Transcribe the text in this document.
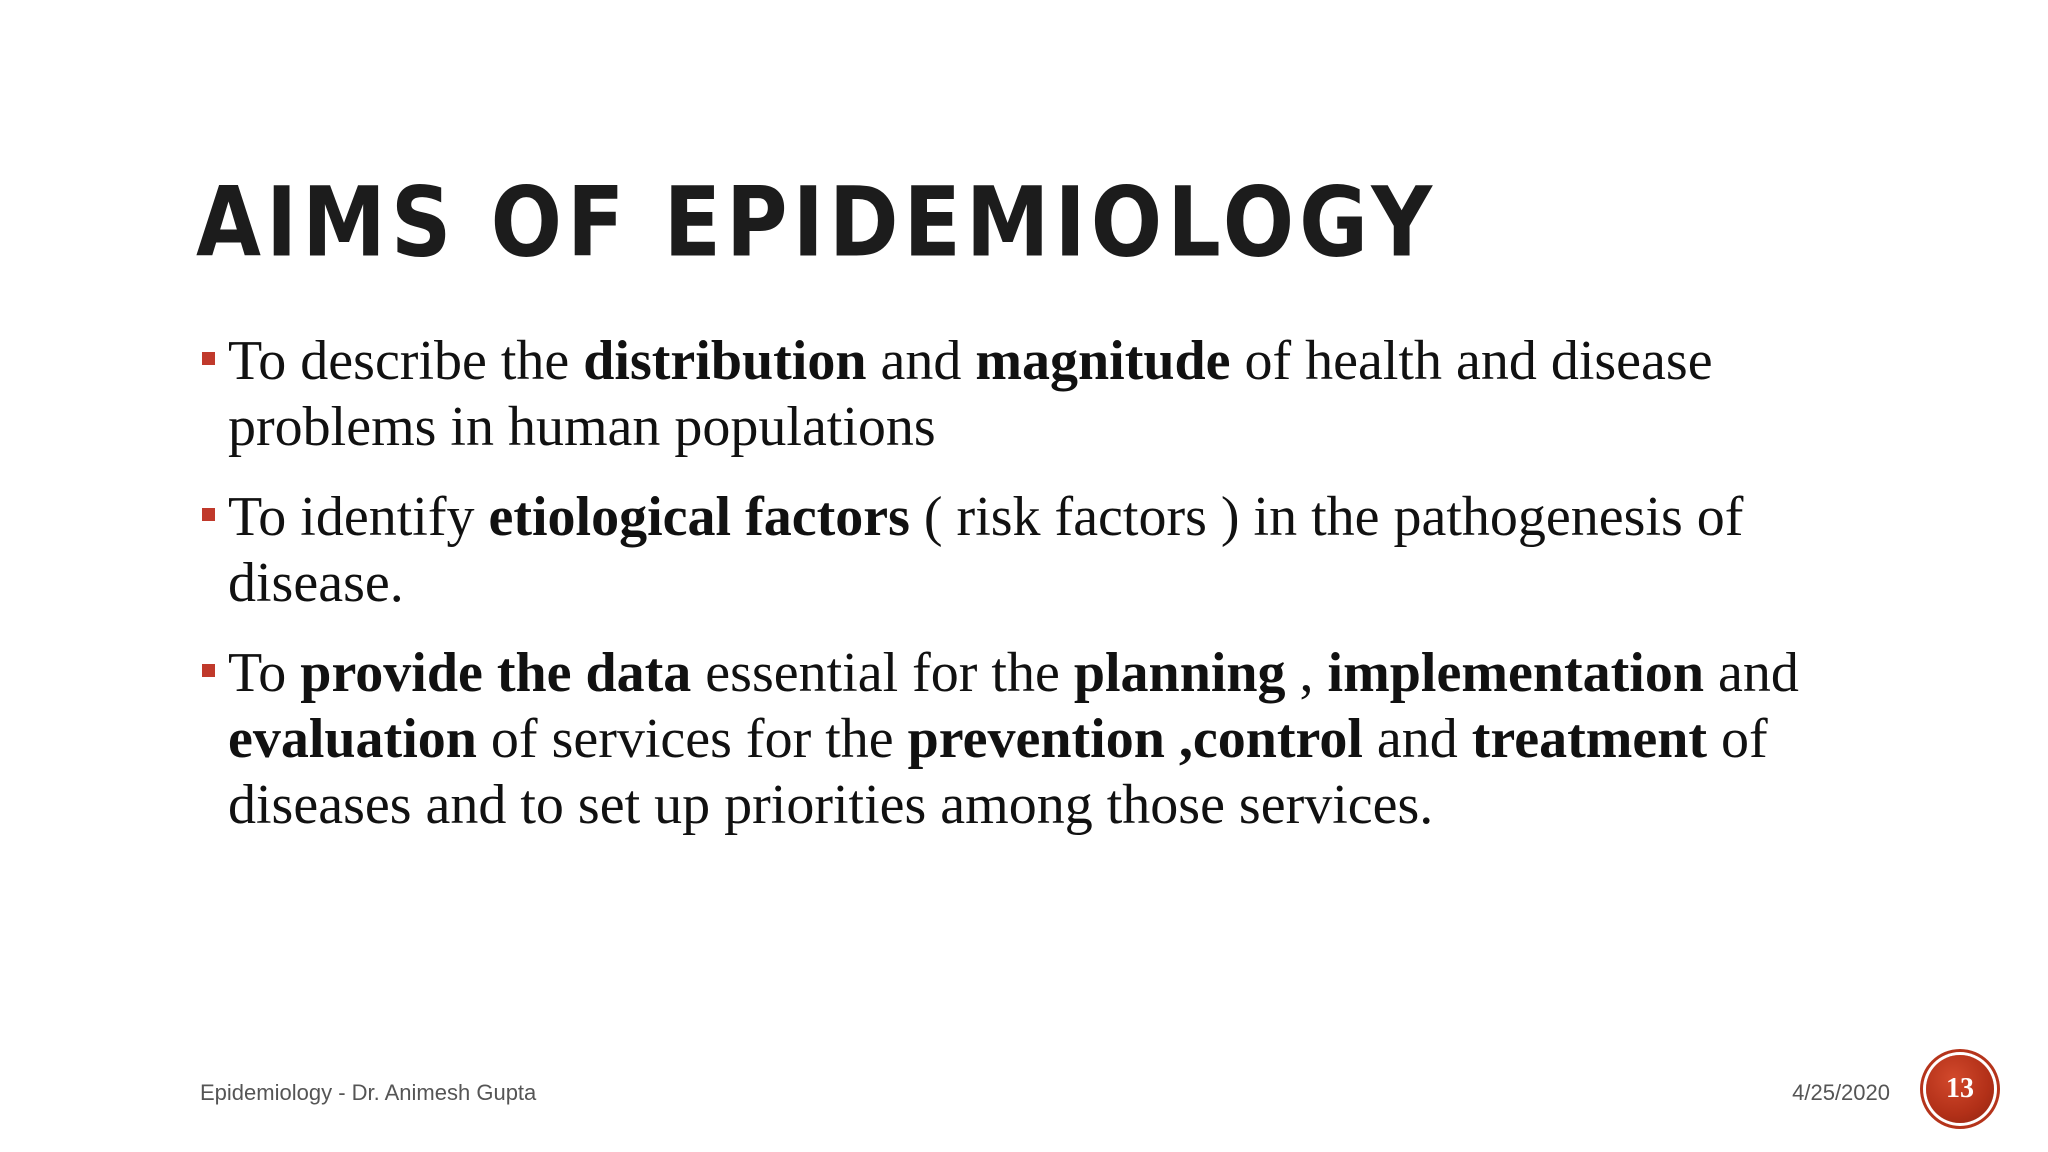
AIMS OF EPIDEMIOLOGY
To describe the distribution and magnitude of health and disease problems in human populations
To identify etiological factors ( risk factors ) in the pathogenesis of disease.
To provide the data essential for the planning , implementation and evaluation of services for the prevention ,control and treatment of diseases and to set up priorities among those services.
Epidemiology - Dr. Animesh Gupta	4/25/2020 13
